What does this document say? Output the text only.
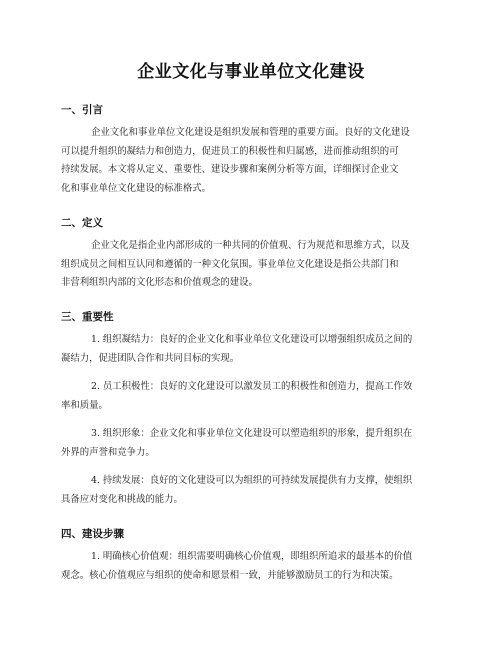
企业文化与事业单位文化建设
一、引言
企业文化和事业单位文化建设是组织发展和管理的重要方面。良好的文化建设
可以提升组织的凝结力和创造力，促进员工的积极性和归属感，进而推动组织的可
持续发展。本文将从定义、重要性、建设步骤和案例分析等方面，详细探讨企业文
化和事业单位文化建设的标准格式。
二、定义
企业文化是指企业内部形成的一种共同的价值观、行为规范和思维方式，以及
组织成员之间相互认同和遵循的一种文化氛围。事业单位文化建设是指公共部门和
非营利组织内部的文化形态和价值观念的建设。
三、重要性
1. 组织凝结力：良好的企业文化和事业单位文化建设可以增强组织成员之间的
凝结力，促进团队合作和共同目标的实现。
2. 员工积极性：良好的文化建设可以激发员工的积极性和创造力，提高工作效
率和质量。
3. 组织形象：企业文化和事业单位文化建设可以塑造组织的形象，提升组织在
外界的声誉和竞争力。
4. 持续发展：良好的文化建设可以为组织的可持续发展提供有力支撑，使组织
具备应对变化和挑战的能力。
四、建设步骤
1. 明确核心价值观：组织需要明确核心价值观，即组织所追求的最基本的价值
观念。核心价值观应与组织的使命和愿景相一致，并能够激励员工的行为和决策。
